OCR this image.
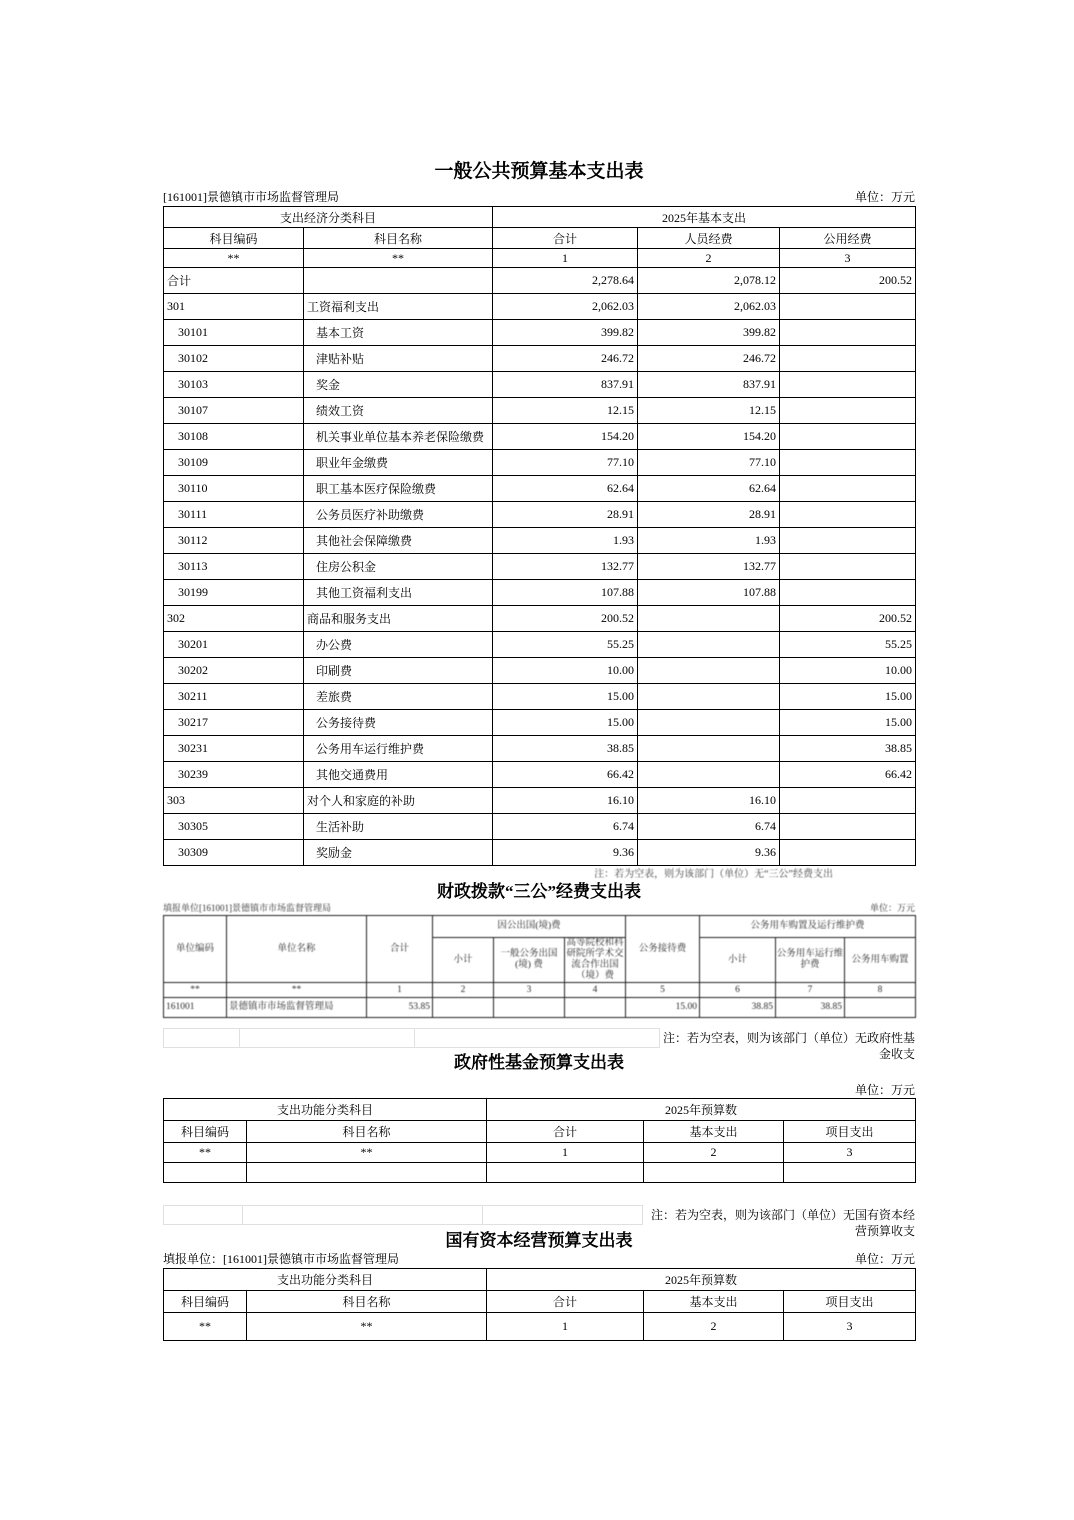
一般公共预算基本支出表
[161001]景德镇市市场监督管理局	单位：万元
支出经济分类科目		2025年基本支出		
科目编码	科目名称	合计	人员经费	公用经费
**	**	1	2	3
合计		2,278.64	2,078.12	200.52
301	工资福利支出	2,062.03	2,062.03	
30101	基本工资	399.82	399.82	
30102	津贴补贴	246.72	246.72	
30103	奖金	837.91	837.91	
30107	绩效工资	12.15	12.15	
30108	机关事业单位基本养老保险缴费	154.20	154.20	
30109	职业年金缴费	77.10	77.10	
30110	职工基本医疗保险缴费	62.64	62.64	
30111	公务员医疗补助缴费	28.91	28.91	
30112	其他社会保障缴费	1.93	1.93	
30113	住房公积金	132.77	132.77	
30199	其他工资福利支出	107.88	107.88	
302	商品和服务支出	200.52		200.52
30201	办公费	55.25		55.25
30202	印刷费	10.00		10.00
30211	差旅费	15.00		15.00
30217	公务接待费	15.00		15.00
30231	公务用车运行维护费	38.85		38.85
30239	其他交通费用	66.42		66.42
303	对个人和家庭的补助	16.10	16.10	
30305	生活补助	6.74	6.74	
30309	奖励金	9.36	9.36	
注：若为空表，则为该部门（单位）无“三公”经费支出
财政拨款“三公”经费支出表
填报单位[161001]景德镇市市场监督管理局	单位：万元
单位编码	单位名称	合计	因公出国(境)费			公务接待费	公务用车购置及运行维护费		
			小计	一般公务出国(境) 费	高等院校和科研院所学术交流合作出国（境）费		小计	公务用车运行维护费	公务用车购置
**	**	1	2	3	4	5	6	7	8
161001	景德镇市市场监督管理局	53.85				15.00	38.85	38.85	
注：若为空表，则为该部门（单位）无政府性基金收支
政府性基金预算支出表
单位：万元
支出功能分类科目		2025年预算数		
科目编码	科目名称	合计	基本支出	项目支出
**	**	1	2	3

注：若为空表，则为该部门（单位）无国有资本经营预算收支
国有资本经营预算支出表
填报单位：[161001]景德镇市市场监督管理局	单位：万元
支出功能分类科目		2025年预算数		
科目编码	科目名称	合计	基本支出	项目支出
**	**	1	2	3
